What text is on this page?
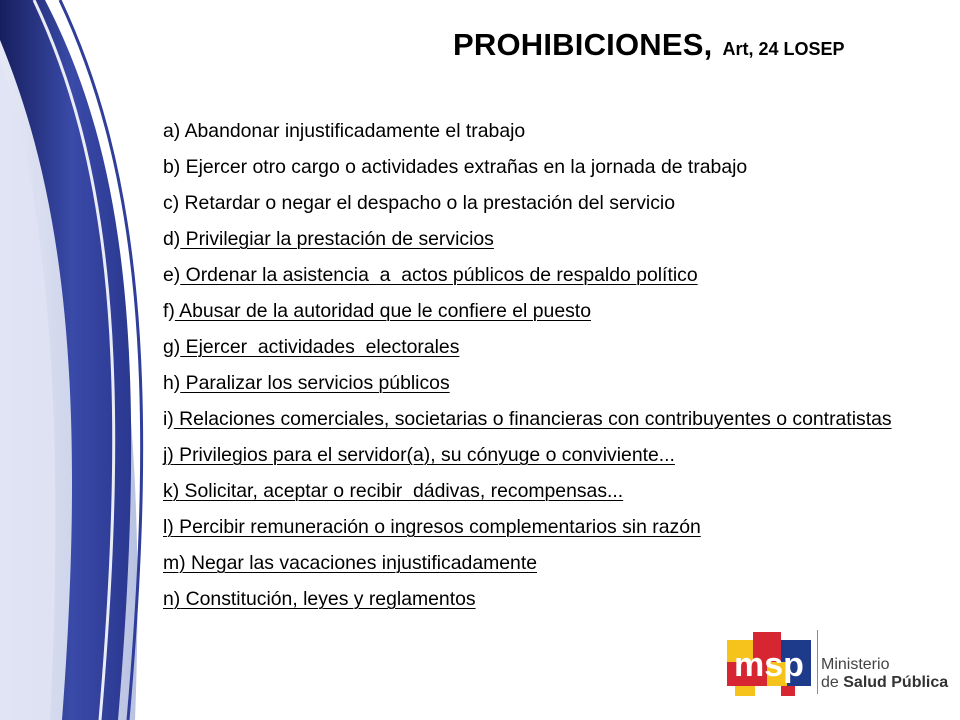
PROHIBICIONES, Art, 24 LOSEP
a) Abandonar injustificadamente el trabajo
b) Ejercer otro cargo o actividades extrañas en la jornada de trabajo
c) Retardar o negar el despacho o la prestación del servicio
d) Privilegiar la prestación de servicios
e) Ordenar la asistencia  a  actos públicos de respaldo político
f) Abusar de la autoridad que le confiere el puesto
g) Ejercer  actividades  electorales
h) Paralizar los servicios públicos
i) Relaciones comerciales, societarias o financieras con contribuyentes o contratistas
j) Privilegios para el servidor(a), su cónyuge o conviviente...
k) Solicitar, aceptar o recibir  dádivas, recompensas...
l) Percibir remuneración o ingresos complementarios sin razón
m) Negar las vacaciones injustificadamente
n) Constitución, leyes y reglamentos
msp Ministerio
de Salud Pública
